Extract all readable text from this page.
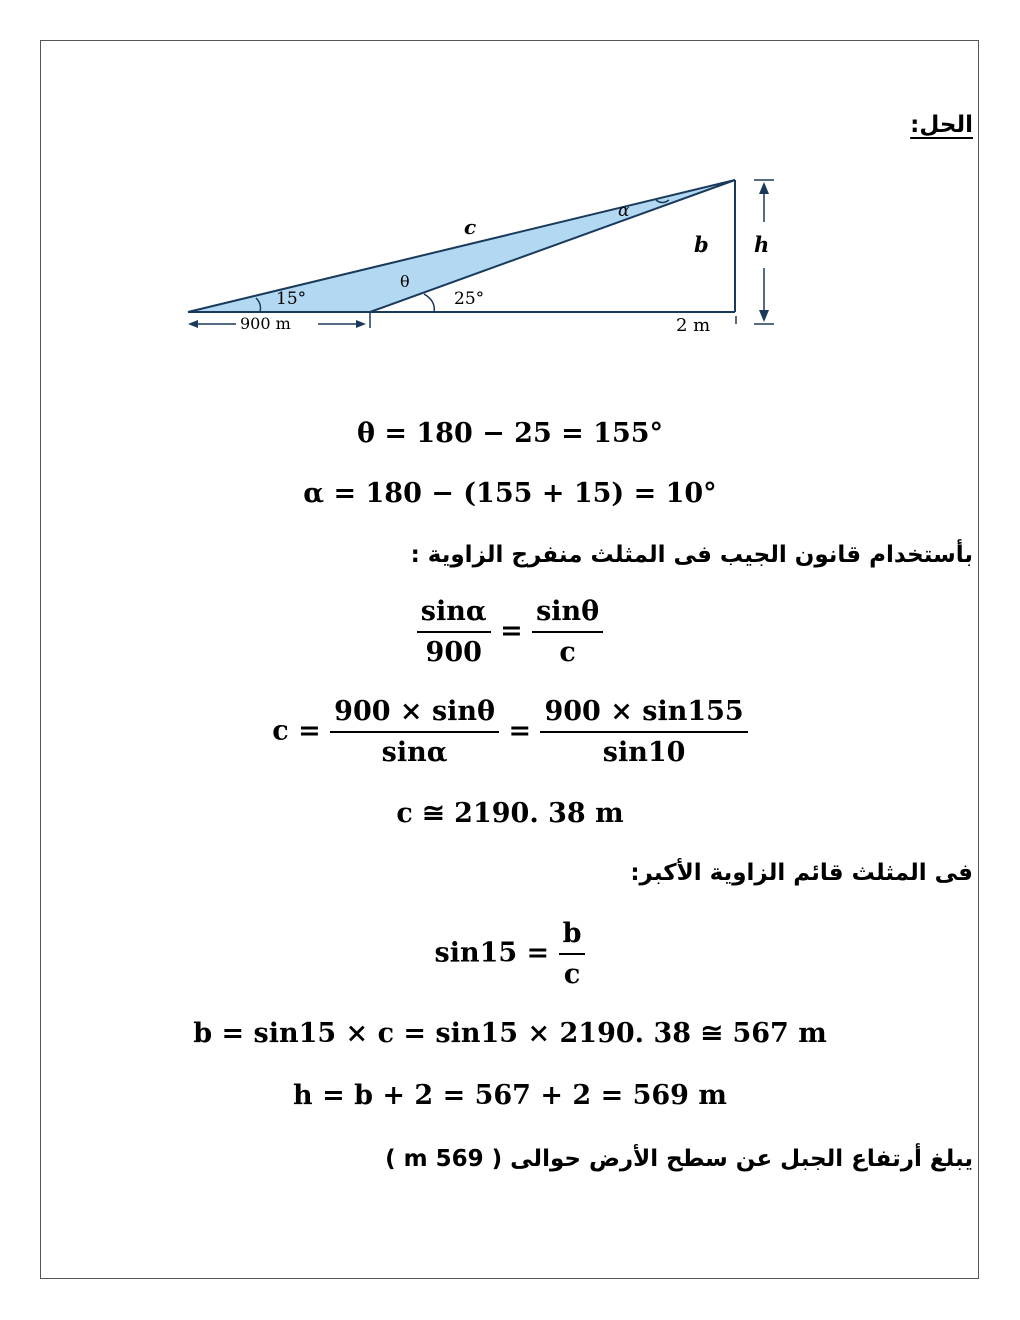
الحل:
c
α
b h
θ
15°	25°
900 m	2 m
θ = 180 − 25 = 155°
α = 180 − (155 + 15) = 10°
بأستخدام قانون الجيب فى المثلث منفرج الزاوية :
$\frac{\sin\alpha}{900} = \frac{\sin\theta}{c}$
$c = \frac{900 \times \sin\theta}{\sin\alpha} = \frac{900 \times \sin 155}{\sin 10}$
c ≅ 2190. 38 m
فى المثلث قائم الزاوية الأكبر:
$\sin 15 = \frac{b}{c}$
b = sin15 × c = sin15 × 2190. 38 ≅ 567 m
h = b + 2 = 567 + 2 = 569 m
يبلغ أرتفاع الجبل عن سطح الأرض حوالى ( 569 m )
